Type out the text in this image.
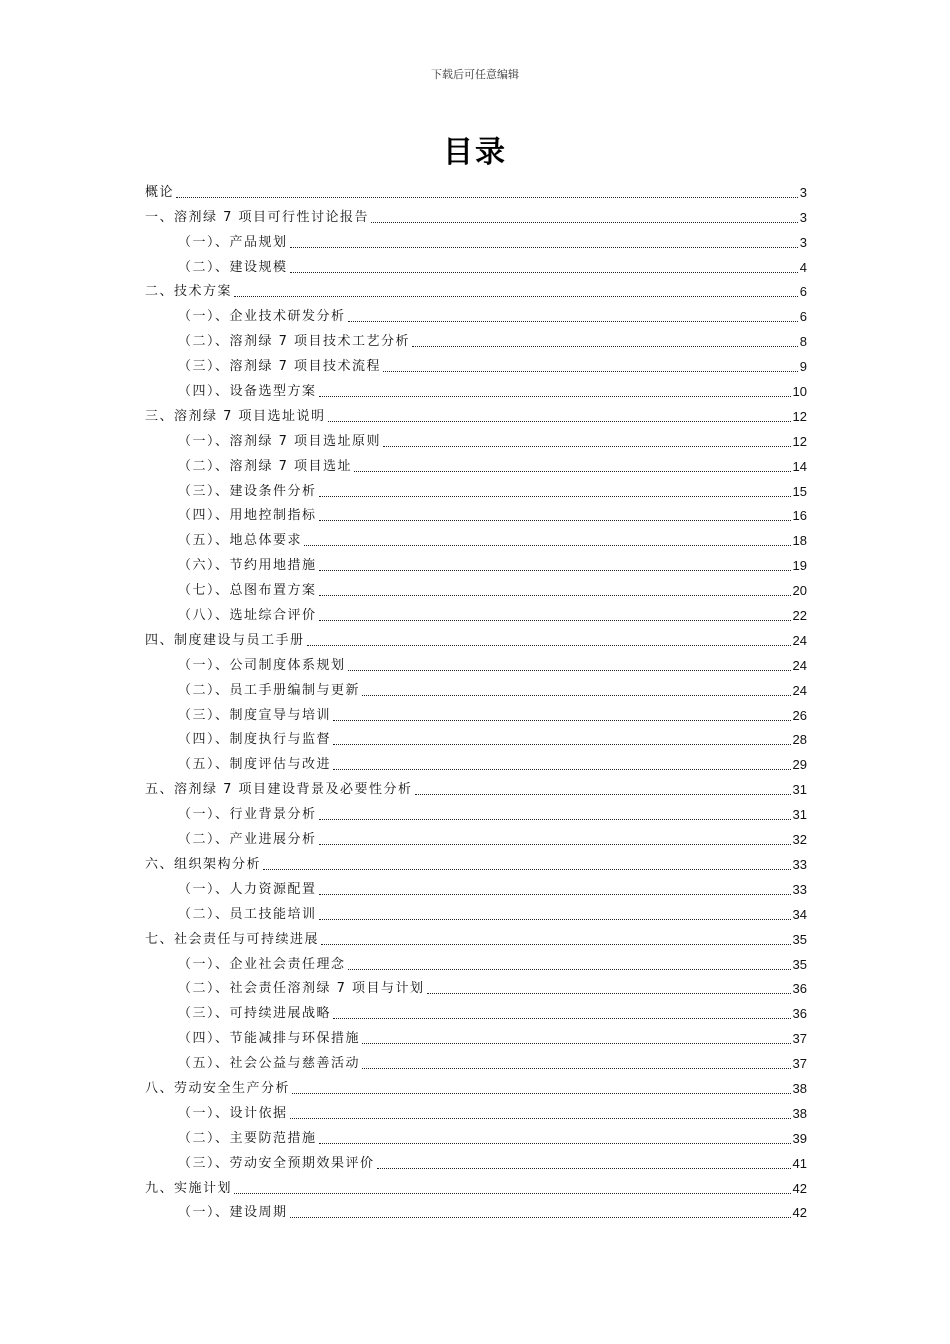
下载后可任意编辑
目录
概论	3
一、溶剂绿 7 项目可行性讨论报告	3
（一）、产品规划	3
（二）、建设规模	4
二、技术方案	6
（一）、企业技术研发分析	6
（二）、溶剂绿 7 项目技术工艺分析	8
（三）、溶剂绿 7 项目技术流程	9
（四）、设备选型方案	10
三、溶剂绿 7 项目选址说明	12
（一）、溶剂绿 7 项目选址原则	12
（二）、溶剂绿 7 项目选址	14
（三）、建设条件分析	15
（四）、用地控制指标	16
（五）、地总体要求	18
（六）、节约用地措施	19
（七）、总图布置方案	20
（八）、选址综合评价	22
四、制度建设与员工手册	24
（一）、公司制度体系规划	24
（二）、员工手册编制与更新	24
（三）、制度宣导与培训	26
（四）、制度执行与监督	28
（五）、制度评估与改进	29
五、溶剂绿 7 项目建设背景及必要性分析	31
（一）、行业背景分析	31
（二）、产业进展分析	32
六、组织架构分析	33
（一）、人力资源配置	33
（二）、员工技能培训	34
七、社会责任与可持续进展	35
（一）、企业社会责任理念	35
（二）、社会责任溶剂绿 7 项目与计划	36
（三）、可持续进展战略	36
（四）、节能减排与环保措施	37
（五）、社会公益与慈善活动	37
八、劳动安全生产分析	38
（一）、设计依据	38
（二）、主要防范措施	39
（三）、劳动安全预期效果评价	41
九、实施计划	42
（一）、建设周期	42
